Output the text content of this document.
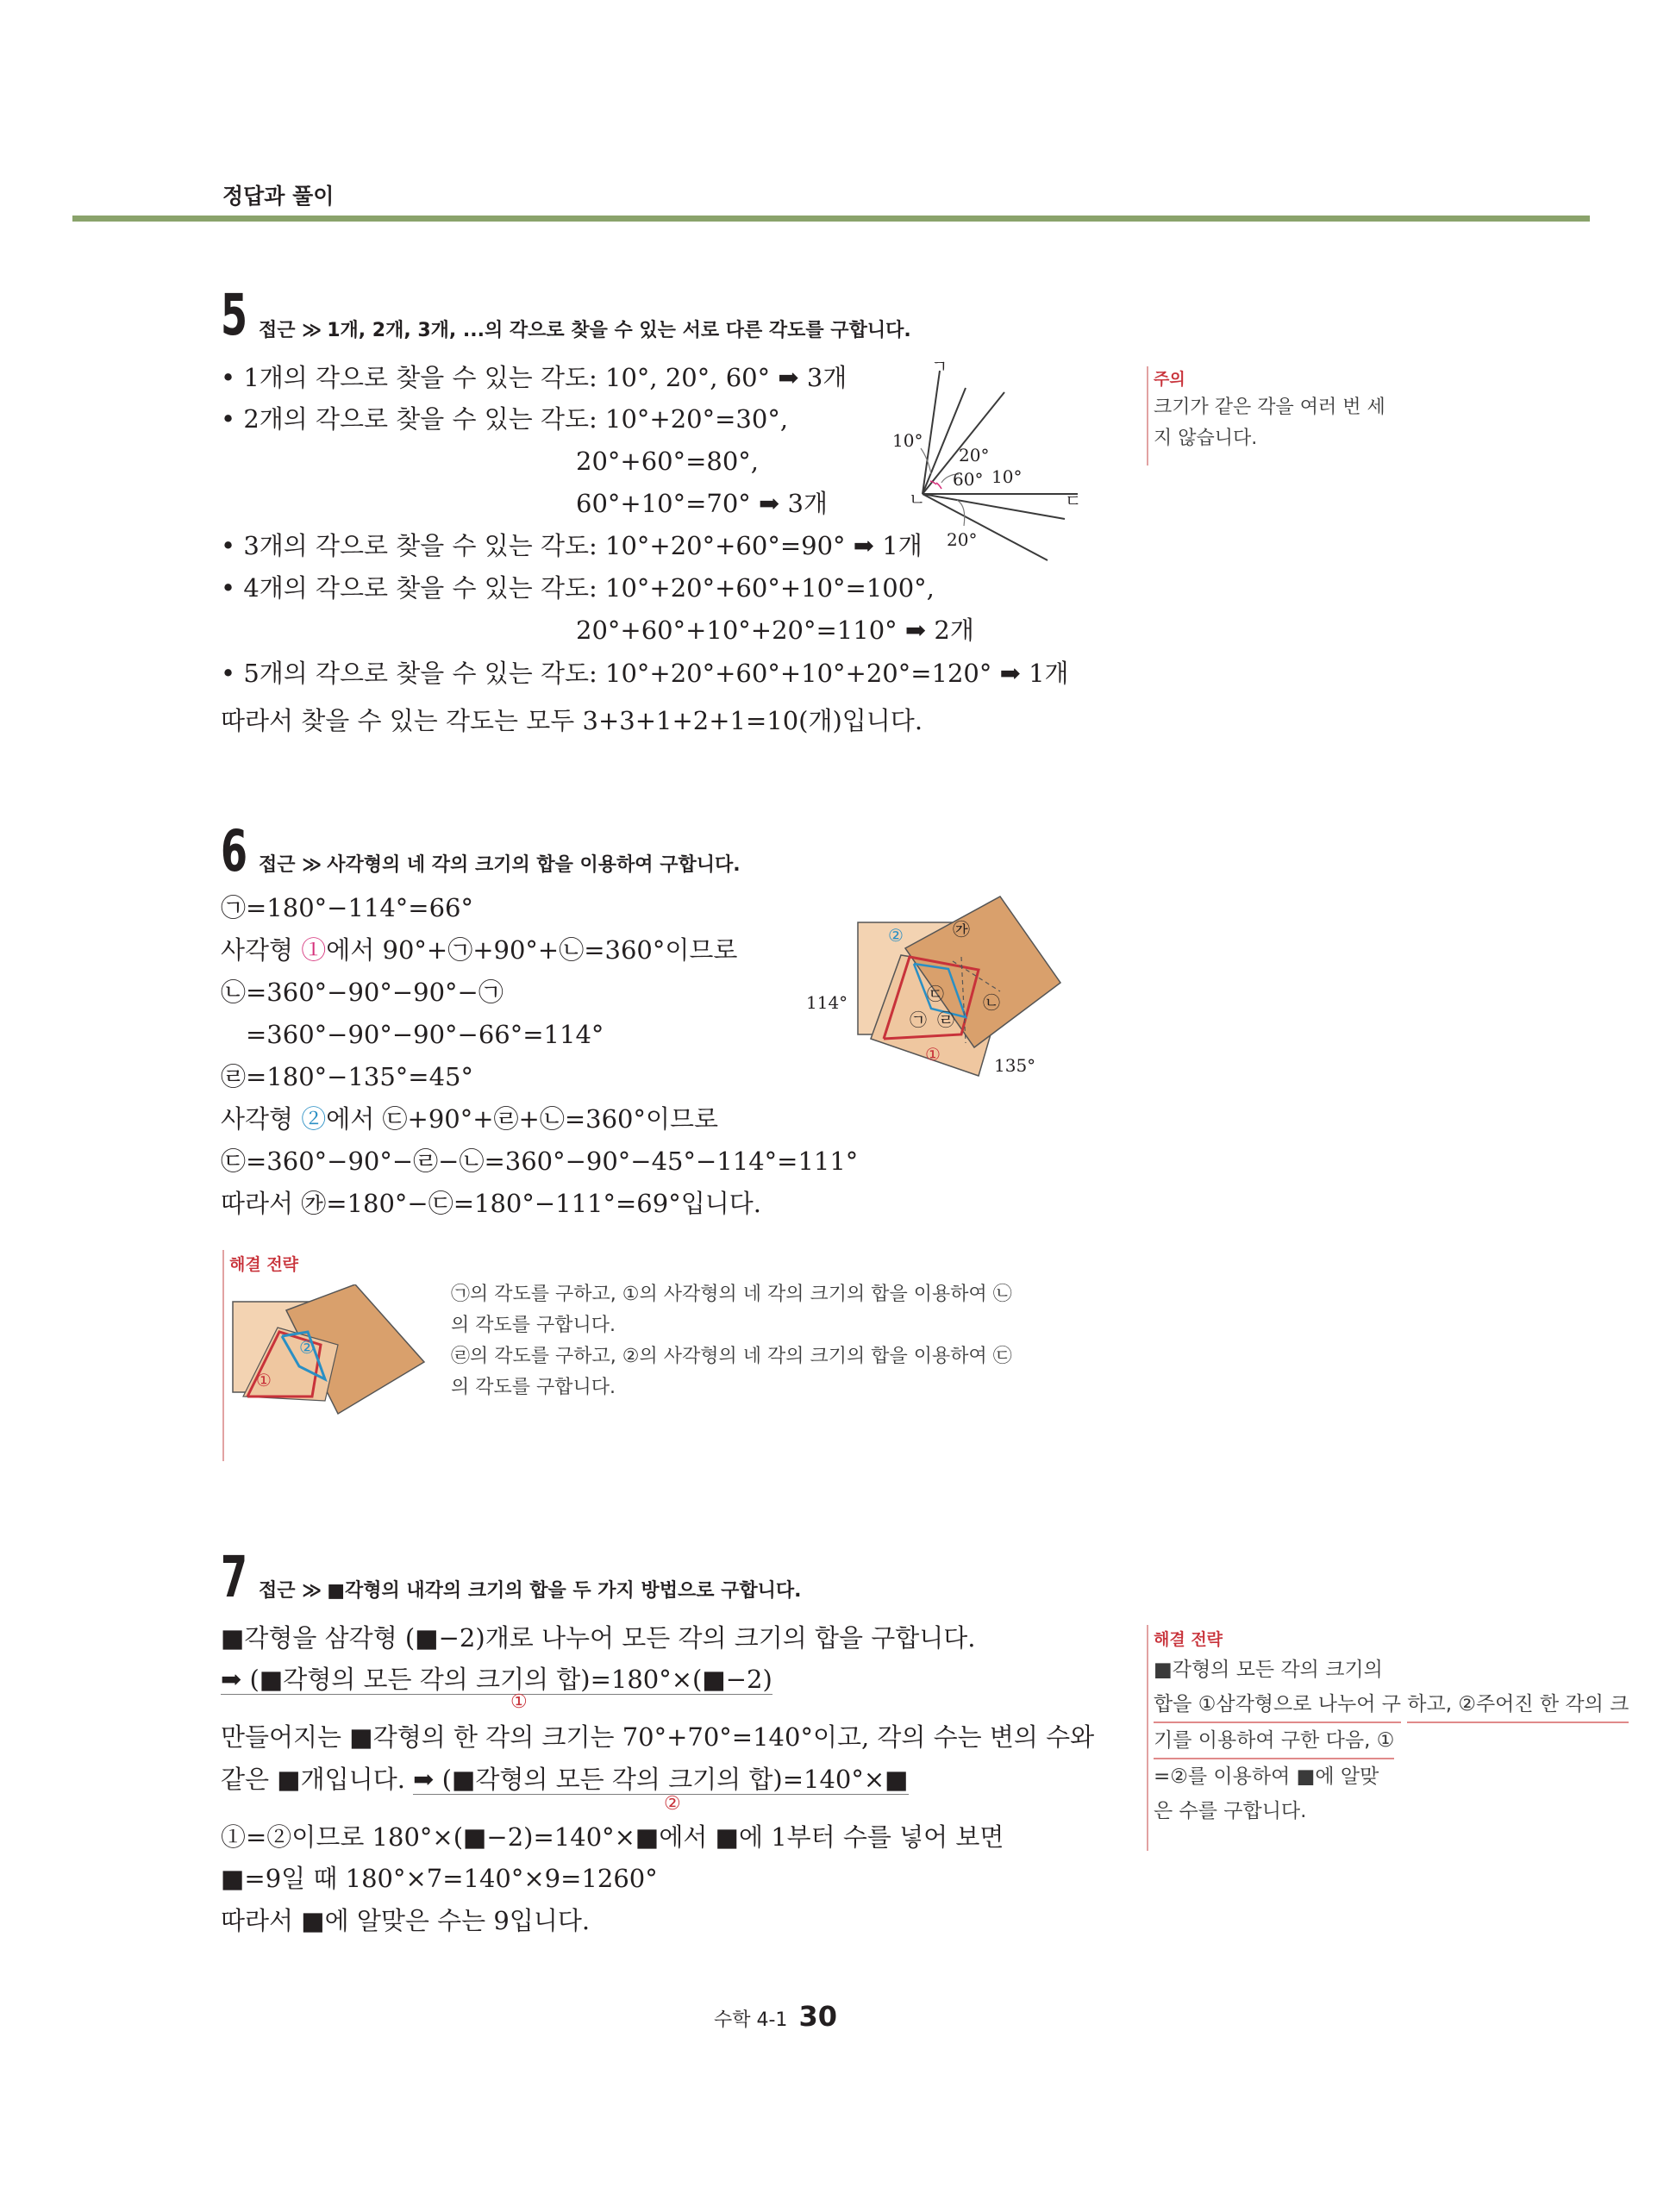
정답과 풀이
5 접근 ≫ 1개, 2개, 3개, ...의 각으로 찾을 수 있는 서로 다른 각도를 구합니다.
• 1개의 각으로 찾을 수 있는 각도: 10°, 20°, 60° ➡ 3개
• 2개의 각으로 찾을 수 있는 각도: 10°+20°=30°,
20°+60°=80°,
60°+10°=70° ➡ 3개
• 3개의 각으로 찾을 수 있는 각도: 10°+20°+60°=90° ➡ 1개
• 4개의 각으로 찾을 수 있는 각도: 10°+20°+60°+10°=100°,
20°+60°+10°+20°=110° ➡ 2개
• 5개의 각으로 찾을 수 있는 각도: 10°+20°+60°+10°+20°=120° ➡ 1개
따라서 찾을 수 있는 각도는 모두 3+3+1+2+1=10(개)입니다.
ㄱ
ㄴ	ㄷ
10°
20°
60° 10°
20°
주의
크기가 같은 각을 여러 번 세
지 않습니다.
6 접근 ≫ 사각형의 네 각의 크기의 합을 이용하여 구합니다.
㉠=180°−114°=66°
사각형 ①에서 90°+㉠+90°+㉡=360°이므로
㉡=360°−90°−90°−㉠
=360°−90°−90°−66°=114°
㉣=180°−135°=45°
사각형 ②에서 ㉢+90°+㉣+㉡=360°이므로
㉢=360°−90°−㉣−㉡=360°−90°−45°−114°=111°
따라서 ㉮=180°−㉢=180°−111°=69°입니다.
㉮
㉠
㉡
㉢
㉣
①
②
114°
135°
해결 전략
①
②
㉠의 각도를 구하고, ①의 사각형의 네 각의 크기의 합을 이용하여 ㉡
의 각도를 구합니다.
㉣의 각도를 구하고, ②의 사각형의 네 각의 크기의 합을 이용하여 ㉢
의 각도를 구합니다.
7 접근 ≫ ■각형의 내각의 크기의 합을 두 가지 방법으로 구합니다.
■각형을 삼각형 (■−2)개로 나누어 모든 각의 크기의 합을 구합니다.
➡ (■각형의 모든 각의 크기의 합)=180°×(■−2)
①
만들어지는 ■각형의 한 각의 크기는 70°+70°=140°이고, 각의 수는 변의 수와
같은 ■개입니다. ➡ (■각형의 모든 각의 크기의 합)=140°×■
②
①=②이므로 180°×(■−2)=140°×■에서 ■에 1부터 수를 넣어 보면
■=9일 때 180°×7=140°×9=1260°
따라서 ■에 알맞은 수는 9입니다.
해결 전략
■각형의 모든 각의 크기의
합을 ①삼각형으로 나누어 구 하고, ②주어진 한 각의 크 기를 이용하여 구한 다음, ①
=②를 이용하여 ■에 알맞
은 수를 구합니다.
수학 4-1 30
